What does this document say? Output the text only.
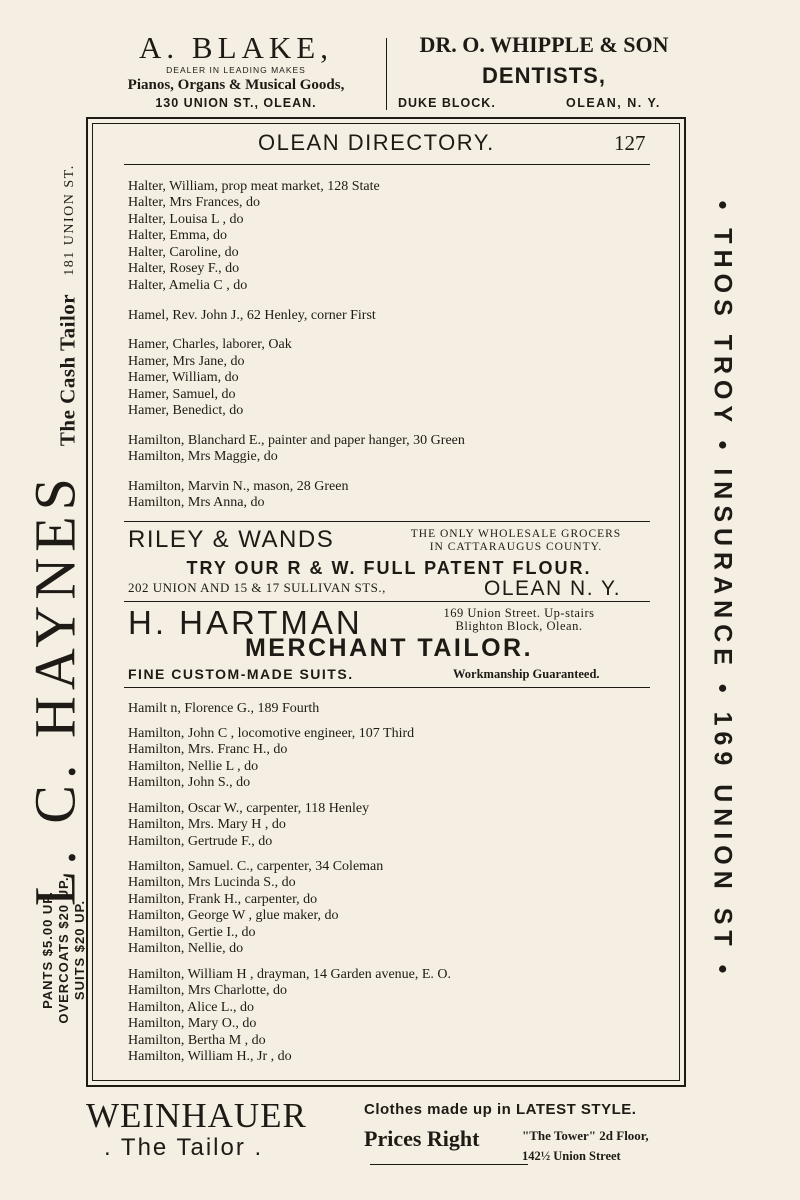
A. BLAKE,
DEALER IN LEADING MAKES
Pianos, Organs & Musical Goods,
130 UNION ST., OLEAN.
DR. O. WHIPPLE & SON
DENTISTS,
DUKE BLOCK.	OLEAN, N. Y.
L. C. HAYNES The Cash Tailor
181 UNION ST.
PANTS $5.00 UP. OVERCOATS $20 UP. SUITS $20 UP.	• THOS TROY • INSURANCE • 169 UNION ST •
OLEAN DIRECTORY.	127
Halter, William, prop meat market, 128 State
Halter, Mrs Frances, do
Halter, Louisa L , do
Halter, Emma, do
Halter, Caroline, do
Halter, Rosey F., do
Halter, Amelia C , do
Hamel, Rev. John J., 62 Henley, corner First
Hamer, Charles, laborer, Oak
Hamer, Mrs Jane, do
Hamer, William, do
Hamer, Samuel, do
Hamer, Benedict, do
Hamilton, Blanchard E., painter and paper hanger, 30 Green
Hamilton, Mrs Maggie, do
Hamilton, Marvin N., mason, 28 Green
Hamilton, Mrs Anna, do
RILEY & WANDS	THE ONLY WHOLESALE GROCERS
IN CATTARAUGUS COUNTY.
TRY OUR R & W. FULL PATENT FLOUR.
202 UNION AND 15 & 17 SULLIVAN STS.,	OLEAN N. Y.
H. HARTMAN	169 Union Street. Up-stairs
Blighton Block, Olean.
MERCHANT TAILOR.
FINE CUSTOM-MADE SUITS.	Workmanship Guaranteed.
Hamilt n, Florence G., 189 Fourth
Hamilton, John C , locomotive engineer, 107 Third
Hamilton, Mrs. Franc H., do
Hamilton, Nellie L , do
Hamilton, John S., do
Hamilton, Oscar W., carpenter, 118 Henley
Hamilton, Mrs. Mary H , do
Hamilton, Gertrude F., do
Hamilton, Samuel. C., carpenter, 34 Coleman
Hamilton, Mrs Lucinda S., do
Hamilton, Frank H., carpenter, do
Hamilton, George W , glue maker, do
Hamilton, Gertie I., do
Hamilton, Nellie, do
Hamilton, William H , drayman, 14 Garden avenue, E. O.
Hamilton, Mrs Charlotte, do
Hamilton, Alice L., do
Hamilton, Mary O., do
Hamilton, Bertha M , do
Hamilton, William H., Jr , do
WEINHAUER
. The Tailor .
Clothes made up in LATEST STYLE.
Prices Right	"The Tower" 2d Floor,
142½ Union Street
